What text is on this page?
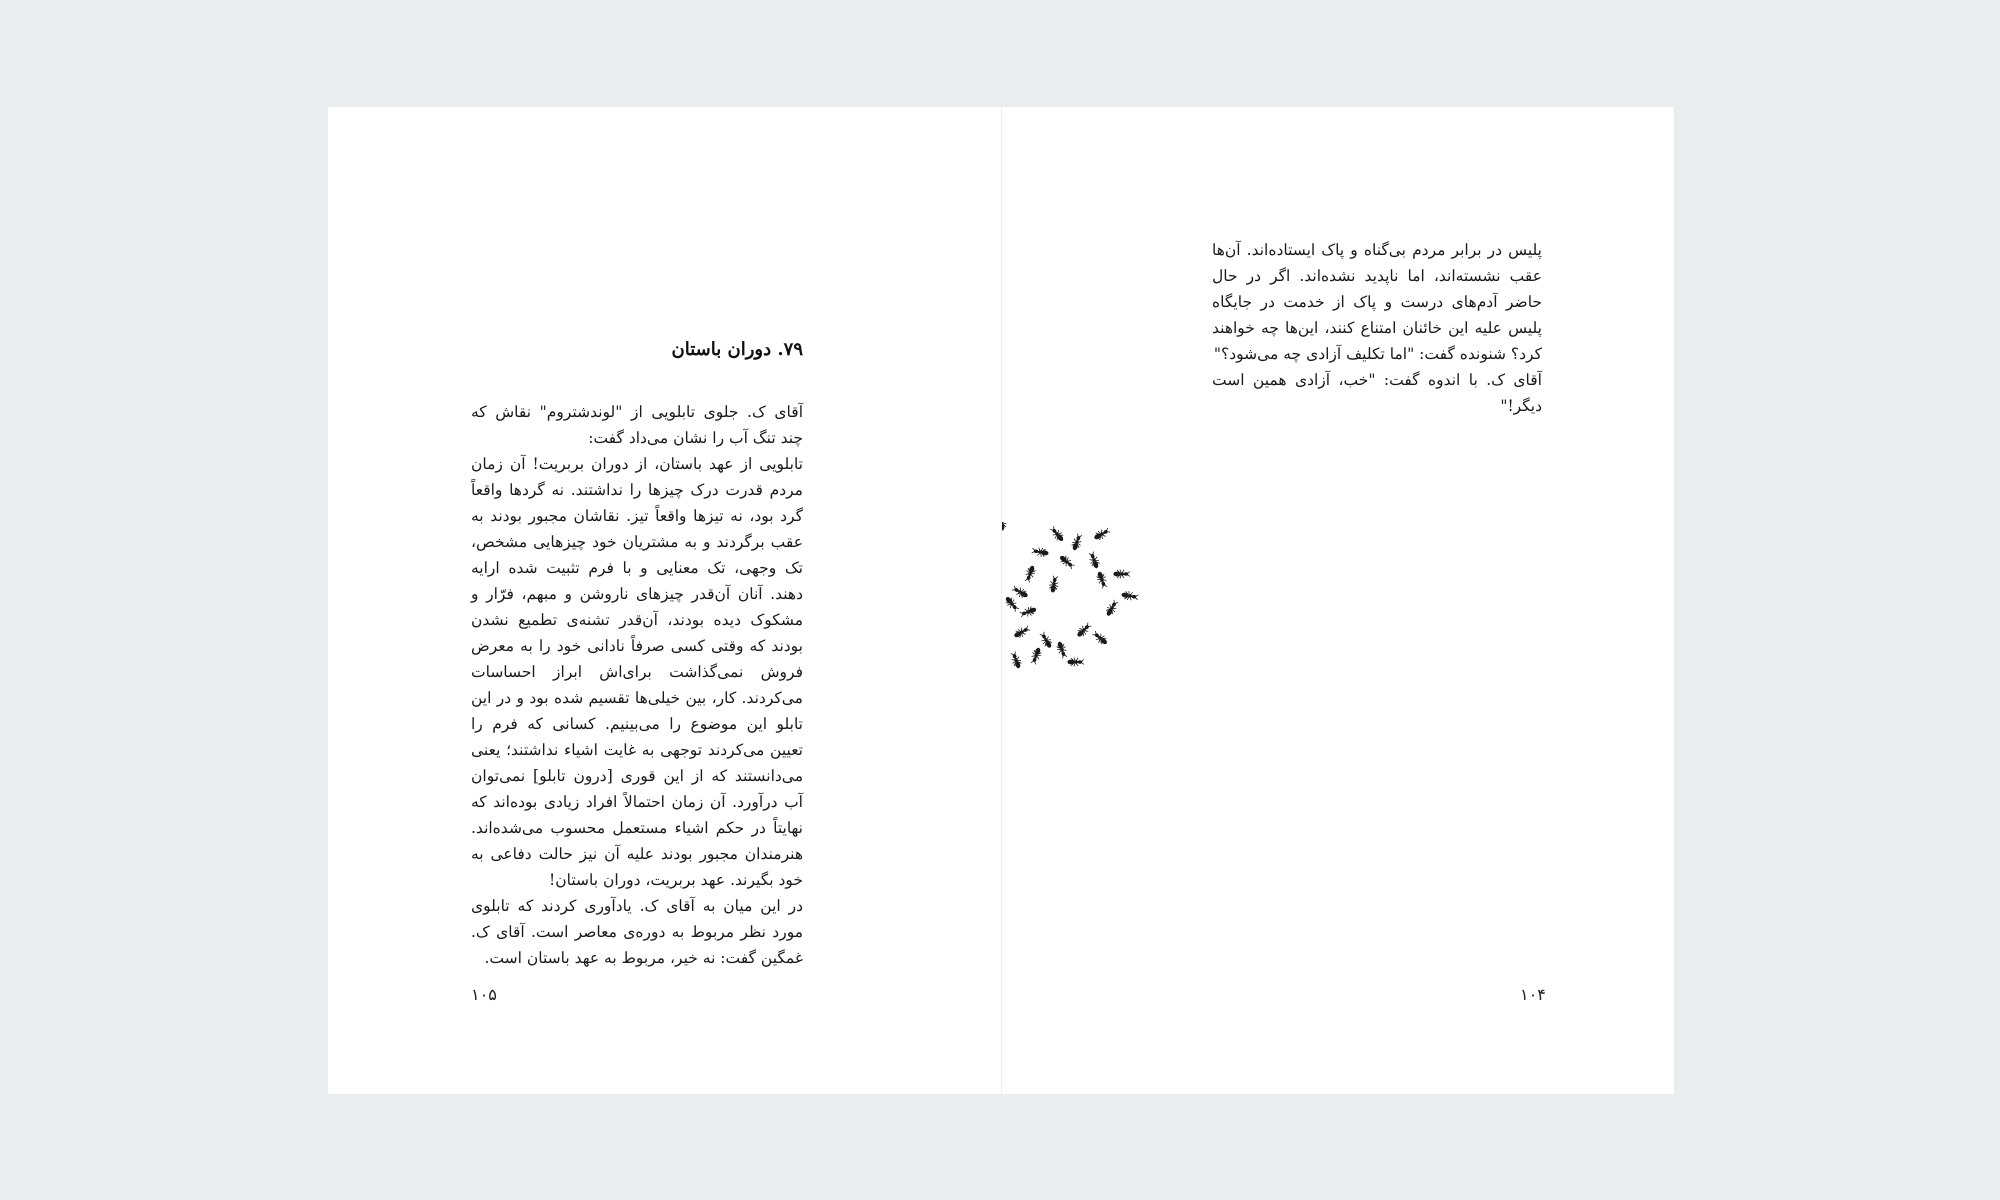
۷۹. دوران باستان
آقای ک. جلوی تابلویی از "لوندشتروم" نقاش که چند تنگ آب را نشان می‌داد گفت:
تابلویی از عهد باستان، از دوران بربریت! آن زمان مردم قدرت درک چیزها را نداشتند. نه گردها واقعاً گرد بود، نه تیزها واقعاً تیز. نقاشان مجبور بودند به عقب برگردند و به مشتریان خود چیزهایی مشخص، تک وجهی، تک معنایی و با فرم تثبیت شده ارایه دهند. آنان آن‌قدر چیزهای ناروشن و مبهم، فرّار و مشکوک دیده بودند، آن‌قدر تشنه‌ی تطمیع نشدن بودند که وقتی کسی صرفاً نادانی خود را به معرض فروش نمی‌گذاشت برای‌اش ابراز احساسات می‌کردند. کار، بین خیلی‌ها تقسیم شده بود و در این تابلو این موضوع را می‌بینیم. کسانی که فرم را تعیین می‌کردند توجهی به غایت اشیاء نداشتند؛ یعنی می‌دانستند که از این قوری [درون تابلو] نمی‌توان آب درآورد. آن زمان احتمالاً افراد زیادی بوده‌اند که نهایتاً در حکم اشیاء مستعمل محسوب می‌شده‌اند. هنرمندان مجبور بودند علیه آن نیز حالت دفاعی به خود بگیرند. عهد بربریت، دوران باستان!
در این میان به آقای ک. یادآوری کردند که تابلوی مورد نظر مربوط به دوره‌ی معاصر است. آقای ک. غمگین گفت: نه خیر، مربوط به عهد باستان است.
۱۰۵
پلیس در برابر مردم بی‌گناه و پاک ایستاده‌اند. آن‌ها عقب نشسته‌اند، اما ناپدید نشده‌اند. اگر در حال حاضر آدم‌های درست و پاک از خدمت در جایگاه پلیس علیه این خائنان امتناع کنند، این‌ها چه خواهند کرد؟ شنونده گفت: "اما تکلیف آزادی چه می‌شود؟"
آقای ک. با اندوه گفت: "خب، آزادی همین است دیگر!"
۱۰۴
